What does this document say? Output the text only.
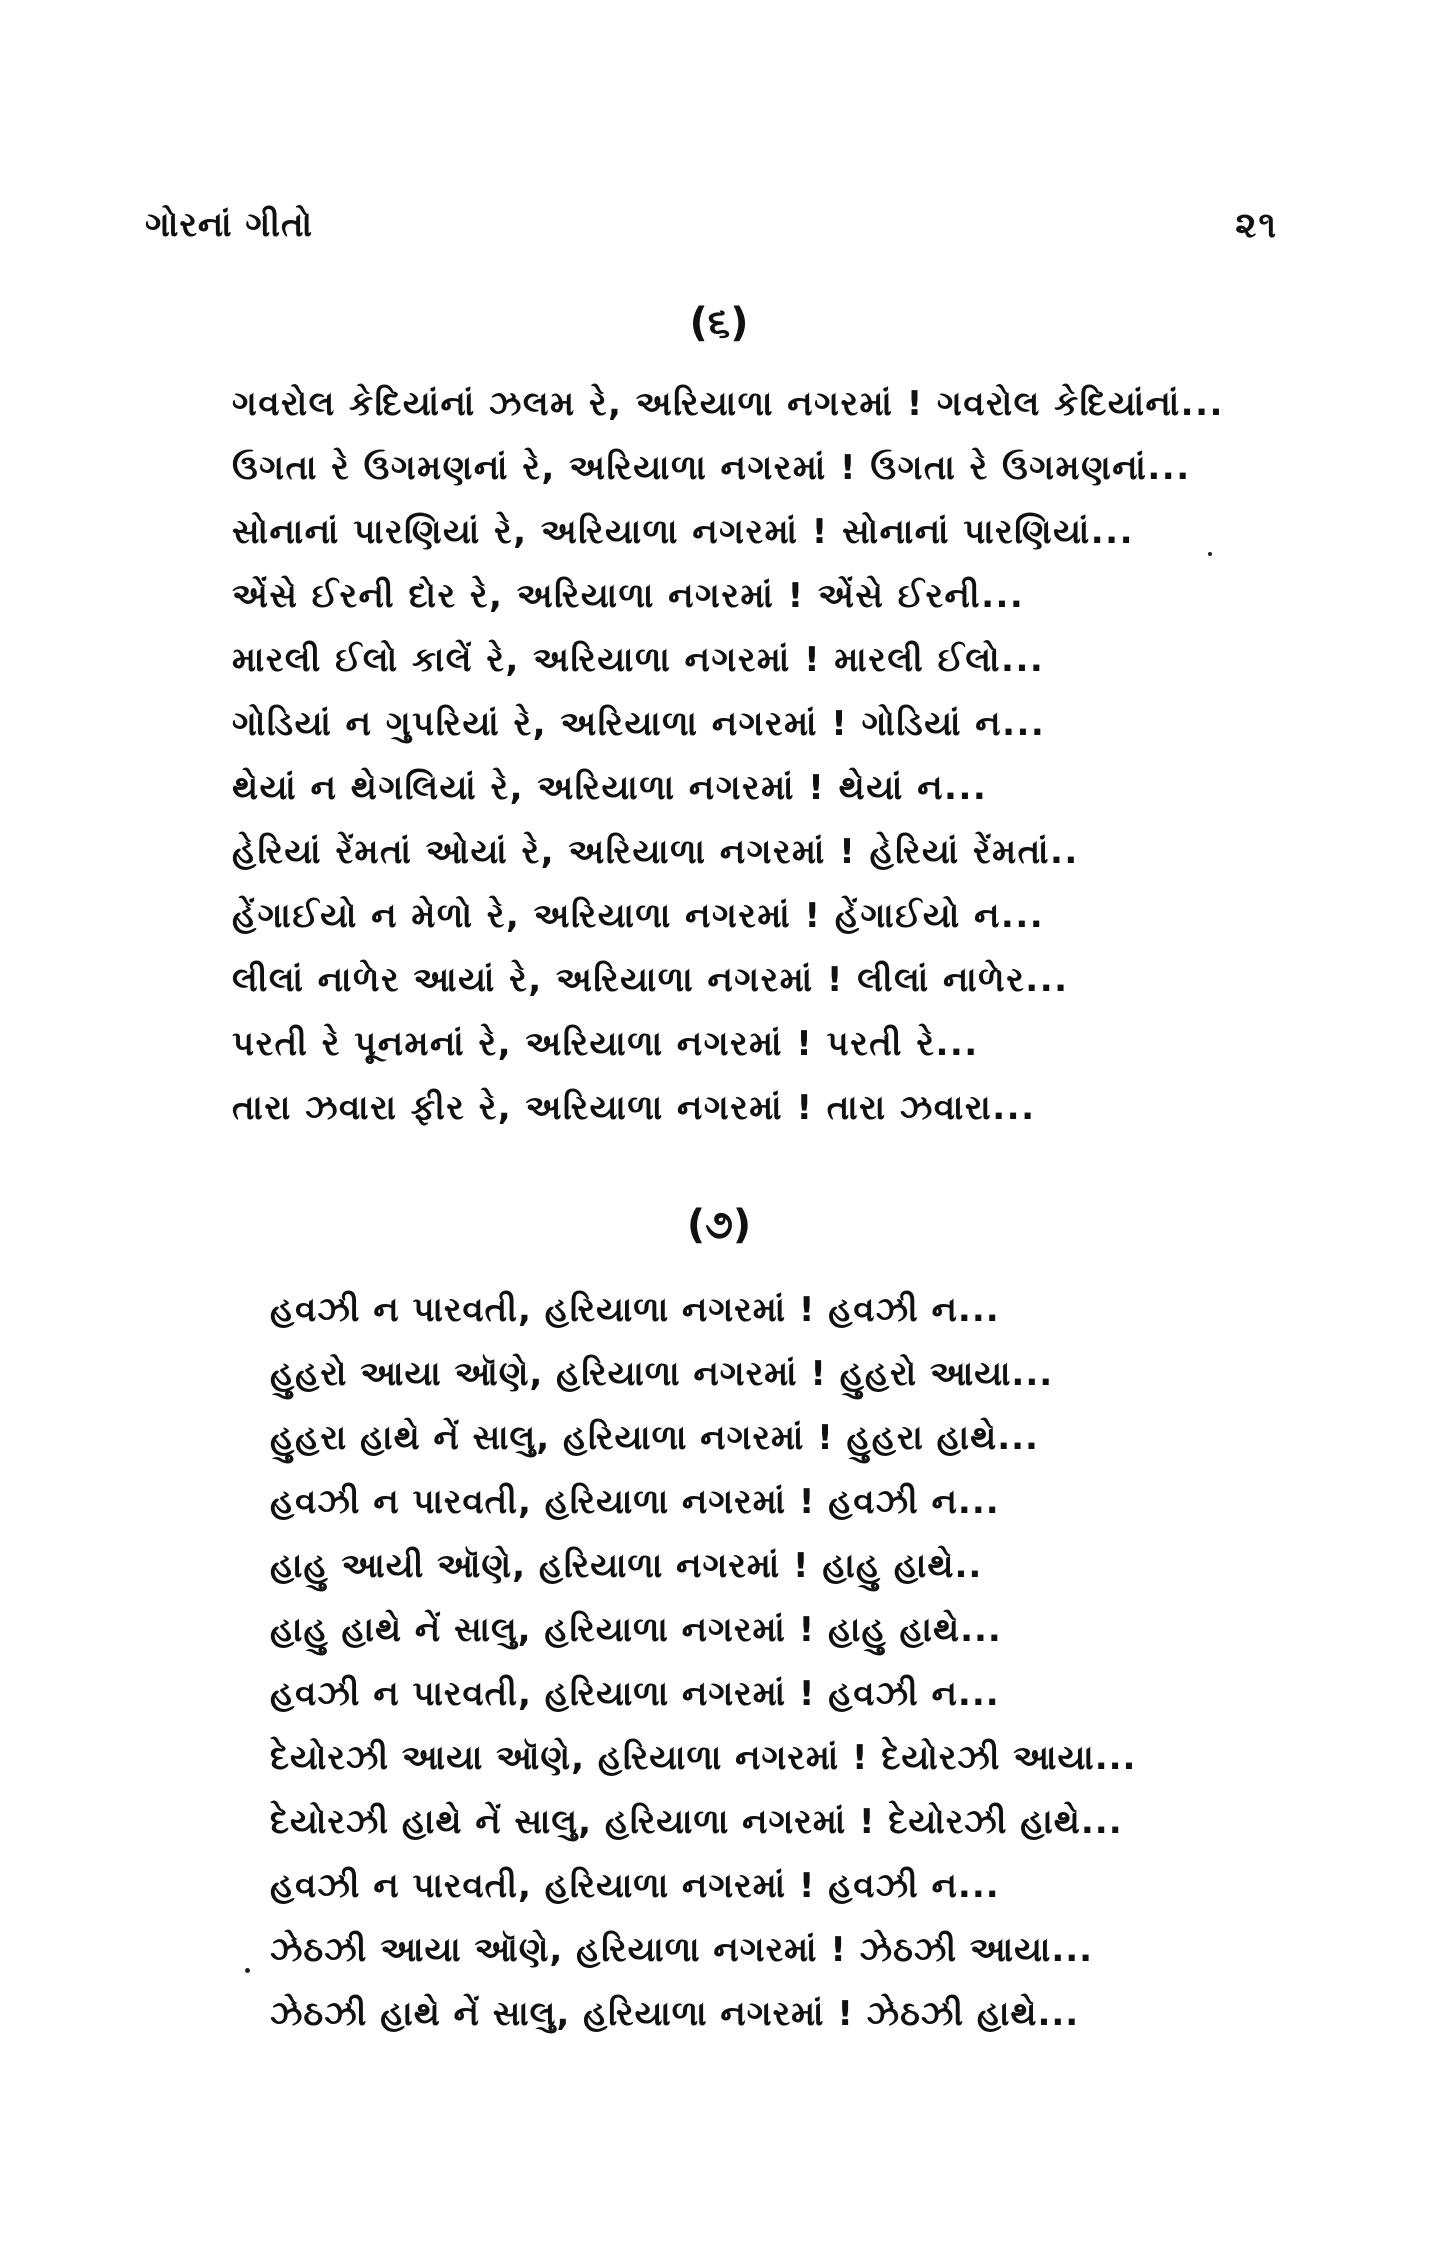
ગોરનાં ગીતો	૨૧
(૬)
ગવરોલ કેદિયાંનાં ઝલમ રે, અરિયાળા નગરમાં ! ગવરોલ કેદિયાંનાં...
ઉગતા રે ઉગમણનાં રે, અરિયાળા નગરમાં ! ઉગતા રે ઉગમણનાં...
સોનાનાં પારણિયાં રે, અરિયાળા નગરમાં ! સોનાનાં પારણિયાં...
એંસે ઈરની દોર રે, અરિયાળા નગરમાં ! એંસે ઈરની...
મારલી ઈલો કાલેં રે, અરિયાળા નગરમાં ! મારલી ઈલો...
ગોડિયાં ન ગુપરિયાં રે, અરિયાળા નગરમાં ! ગોડિયાં ન...
થેયાં ન થેગલિયાં રે, અરિયાળા નગરમાં ! થેયાં ન...
હેરિયાં રેંમતાં ઓયાં રે, અરિયાળા નગરમાં ! હેરિયાં રેંમતાં..
હેંગાઈયો ન મેળો રે, અરિયાળા નગરમાં ! હેંગાઈયો ન...
લીલાં નાળેર આયાં રે, અરિયાળા નગરમાં ! લીલાં નાળેર...
પરતી રે પૂનમનાં રે, અરિયાળા નગરમાં ! પરતી રે...
તારા ઝવારા ફીર રે, અરિયાળા નગરમાં ! તારા ઝવારા...
(૭)
હવઝી ન પારવતી, હરિયાળા નગરમાં ! હવઝી ન...
હુહરો આયા ઑણે, હરિયાળા નગરમાં ! હુહરો આયા...
હુહરા હાથે નેં સાલુ, હરિયાળા નગરમાં ! હુહરા હાથે...
હવઝી ન પારવતી, હરિયાળા નગરમાં ! હવઝી ન...
હાહુ આયી ઑણે, હરિયાળા નગરમાં ! હાહુ હાથે..
હાહુ હાથે નેં સાલુ, હરિયાળા નગરમાં ! હાહુ હાથે...
હવઝી ન પારવતી, હરિયાળા નગરમાં ! હવઝી ન...
દેયોરઝી આયા ઑણે, હરિયાળા નગરમાં ! દેયોરઝી આયા...
દેયોરઝી હાથે નેં સાલુ, હરિયાળા નગરમાં ! દેયોરઝી હાથે...
હવઝી ન પારવતી, હરિયાળા નગરમાં ! હવઝી ન...
ઝેઠઝી આયા ઑણે, હરિયાળા નગરમાં ! ઝેઠઝી આયા...
ઝેઠઝી હાથે નેં સાલુ, હરિયાળા નગરમાં ! ઝેઠઝી હાથે...
